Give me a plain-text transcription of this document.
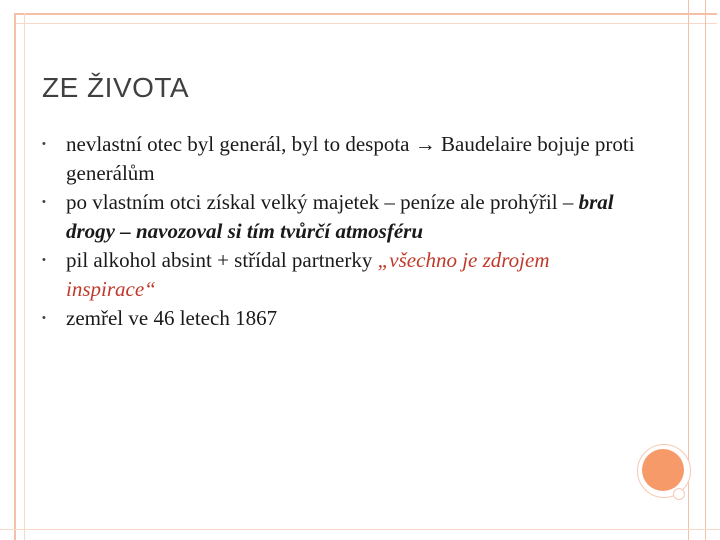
ZE ŽIVOTA
• nevlastní otec byl generál, byl to despota → Baudelaire bojuje proti generálům
• po vlastním otci získal velký majetek – peníze ale prohýřil – bral drogy – navozoval si tím tvůrčí atmosféru
• pil alkohol absint + střídal partnerky „všechno je zdrojem inspirace“
• zemřel ve 46 letech 1867
